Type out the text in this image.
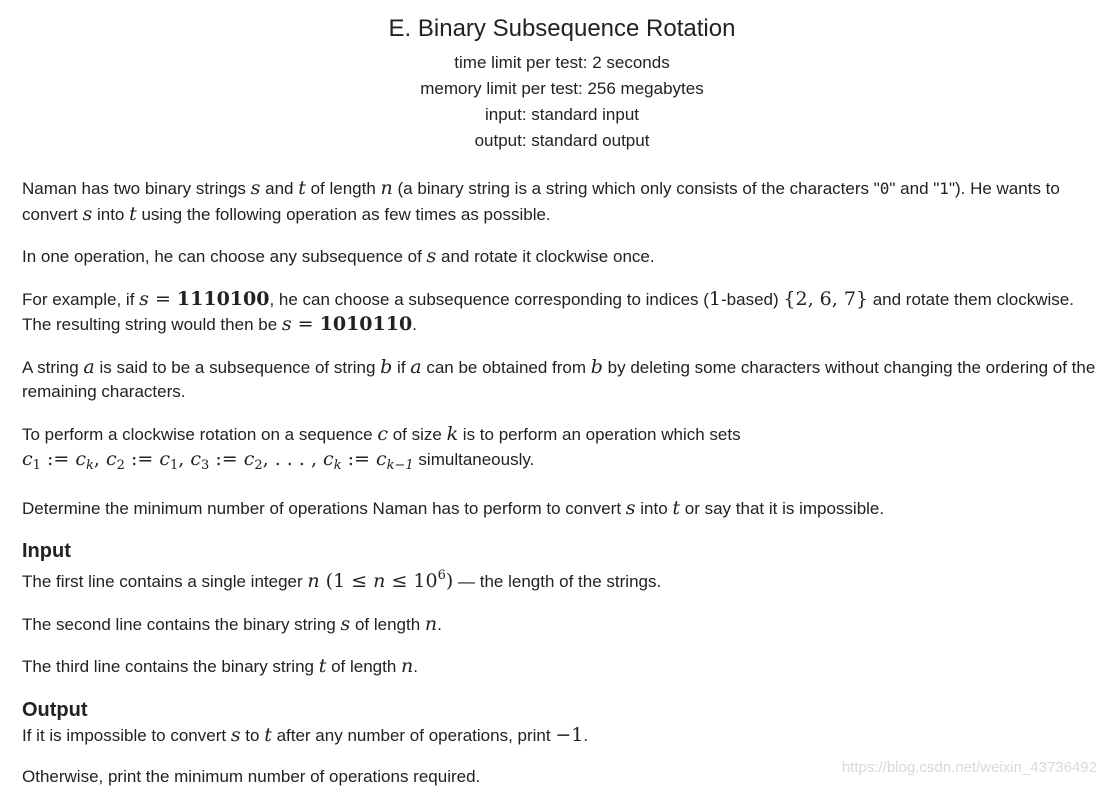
E. Binary Subsequence Rotation
time limit per test: 2 seconds
memory limit per test: 256 megabytes
input: standard input
output: standard output
Naman has two binary strings s and t of length n (a binary string is a string which only consists of the characters "0" and "1"). He wants to convert s into t using the following operation as few times as possible.
In one operation, he can choose any subsequence of s and rotate it clockwise once.
For example, if s = 1110100, he can choose a subsequence corresponding to indices (1-based) {2, 6, 7} and rotate them clockwise. The resulting string would then be s = 1010110.
A string a is said to be a subsequence of string b if a can be obtained from b by deleting some characters without changing the ordering of the remaining characters.
To perform a clockwise rotation on a sequence c of size k is to perform an operation which sets
$c_1$ := $c_k$, $c_2$ := $c_1$, $c_3$ := $c_2$, . . . , $c_k$ := $c_{k-1}$ simultaneously.
Determine the minimum number of operations Naman has to perform to convert s into t or say that it is impossible.
Input
The first line contains a single integer n $(1 \le n \le 10^6)$ — the length of the strings.
The second line contains the binary string s of length n.
The third line contains the binary string t of length n.
Output
If it is impossible to convert s to t after any number of operations, print −1.
Otherwise, print the minimum number of operations required.	https://blog.csdn.net/weixin_43736492
